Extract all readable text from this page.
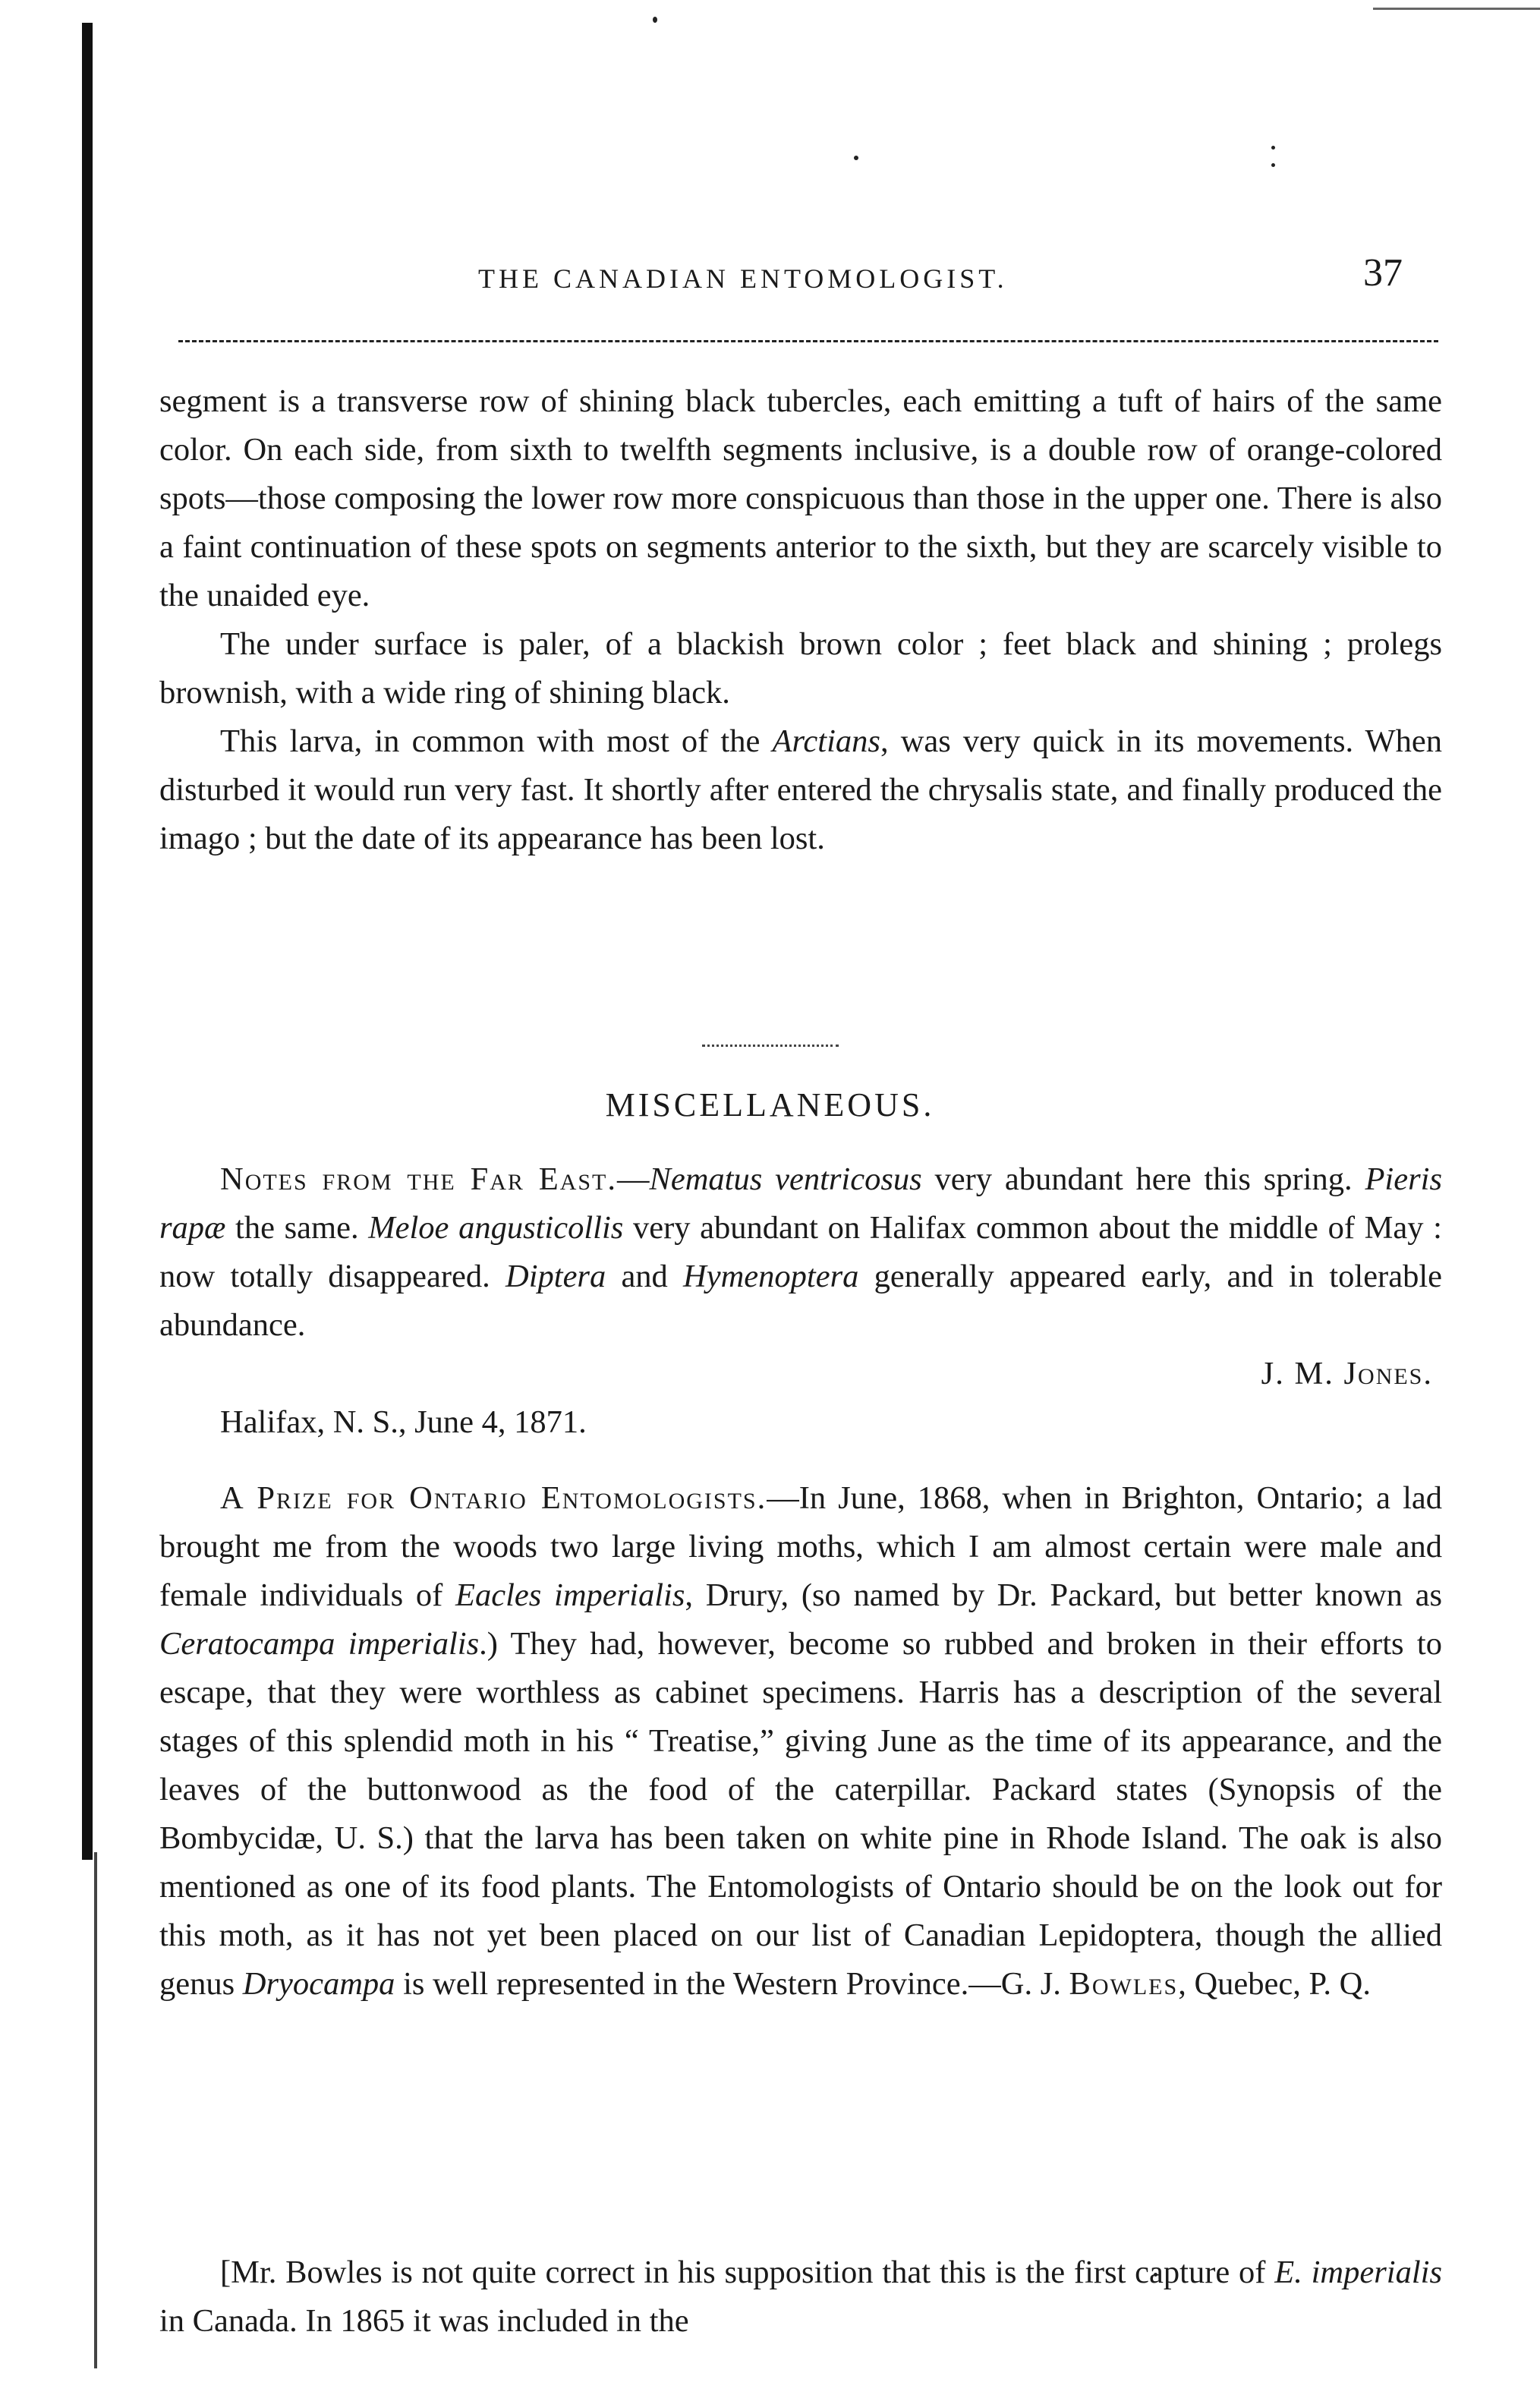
THE CANADIAN ENTOMOLOGIST.	37

segment is a transverse row of shining black tubercles, each emitting a tuft of hairs of the same color. On each side, from sixth to twelfth segments inclusive, is a double row of orange-colored spots—those composing the lower row more conspicuous than those in the upper one. There is also a faint continuation of these spots on segments anterior to the sixth, but they are scarcely visible to the unaided eye.

The under surface is paler, of a blackish brown color ; feet black and shining ; prolegs brownish, with a wide ring of shining black.

This larva, in common with most of the Arctians, was very quick in its movements. When disturbed it would run very fast. It shortly after entered the chrysalis state, and finally produced the imago ; but the date of its appearance has been lost.

MISCELLANEOUS.

Notes from the Far East.—Nematus ventricosus very abundant here this spring. Pieris rapæ the same. Meloe angusticollis very abundant on Halifax common about the middle of May : now totally disappeared. Diptera and Hymenoptera generally appeared early, and in tolerable abundance.

J. M. Jones.

Halifax, N. S., June 4, 1871.

A Prize for Ontario Entomologists.—In June, 1868, when in Brighton, Ontario; a lad brought me from the woods two large living moths, which I am almost certain were male and female individuals of Eacles imperialis, Drury, (so named by Dr. Packard, but better known as Ceratocampa imperialis.) They had, however, become so rubbed and broken in their efforts to escape, that they were worthless as cabinet specimens. Harris has a description of the several stages of this splendid moth in his “ Treatise,” giving June as the time of its appearance, and the leaves of the buttonwood as the food of the caterpillar. Packard states (Synopsis of the Bombycidæ, U. S.) that the larva has been taken on white pine in Rhode Island. The oak is also mentioned as one of its food plants. The Entomologists of Ontario should be on the look out for this moth, as it has not yet been placed on our list of Canadian Lepidoptera, though the allied genus Dryocampa is well represented in the Western Province.—G. J. Bowles, Quebec, P. Q.

[Mr. Bowles is not quite correct in his supposition that this is the first capture of E. imperialis in Canada. In 1865 it was included in the
